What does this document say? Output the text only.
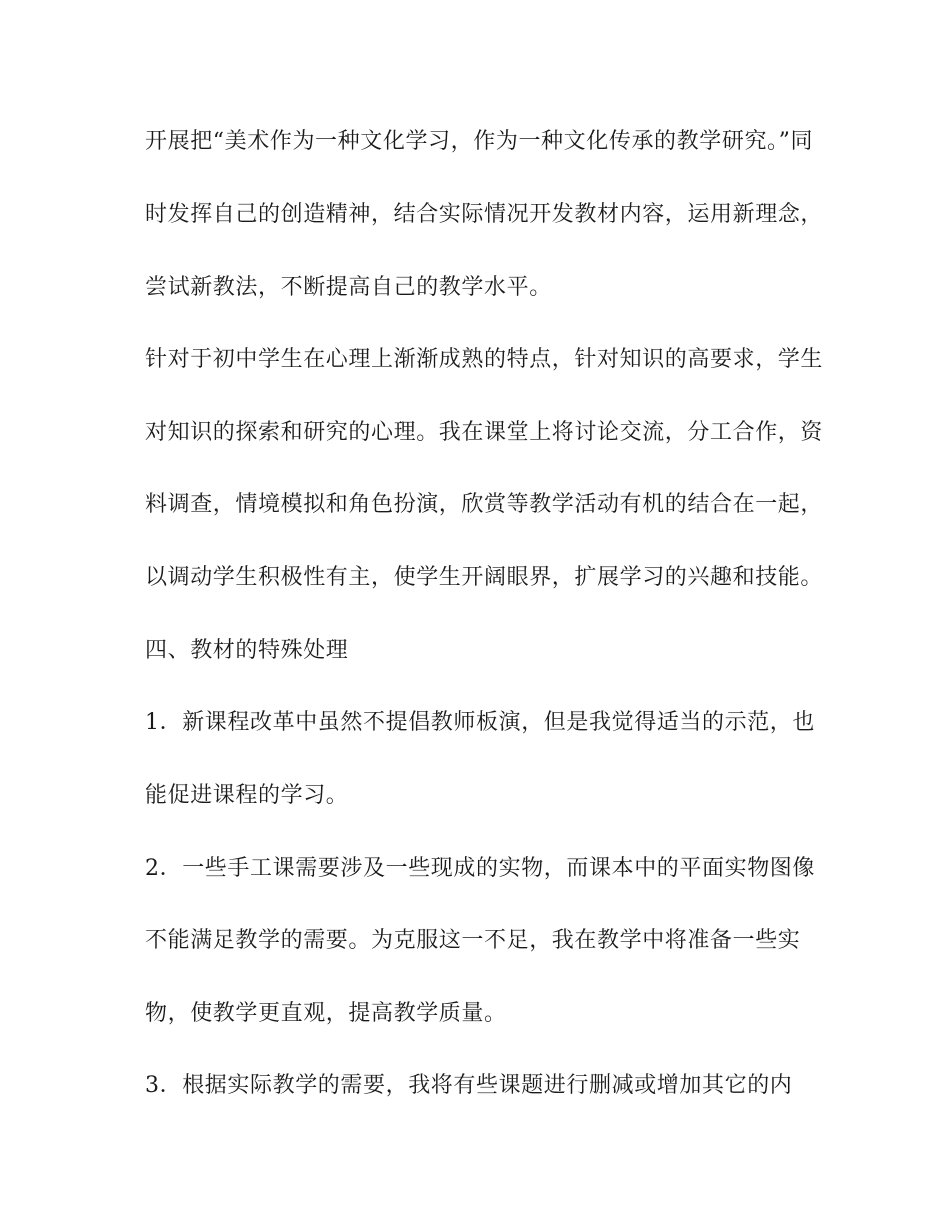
开展把“美术作为一种文化学习，作为一种文化传承的教学研究。”同
时发挥自己的创造精神，结合实际情况开发教材内容，运用新理念，
尝试新教法，不断提高自己的教学水平。
针对于初中学生在心理上渐渐成熟的特点，针对知识的高要求，学生
对知识的探索和研究的心理。我在课堂上将讨论交流，分工合作，资
料调查，情境模拟和角色扮演，欣赏等教学活动有机的结合在一起，
以调动学生积极性有主，使学生开阔眼界，扩展学习的兴趣和技能。
四、教材的特殊处理
1．新课程改革中虽然不提倡教师板演，但是我觉得适当的示范，也
能促进课程的学习。
2．一些手工课需要涉及一些现成的实物，而课本中的平面实物图像
不能满足教学的需要。为克服这一不足，我在教学中将准备一些实
物，使教学更直观，提高教学质量。
3．根据实际教学的需要，我将有些课题进行删减或增加其它的内
